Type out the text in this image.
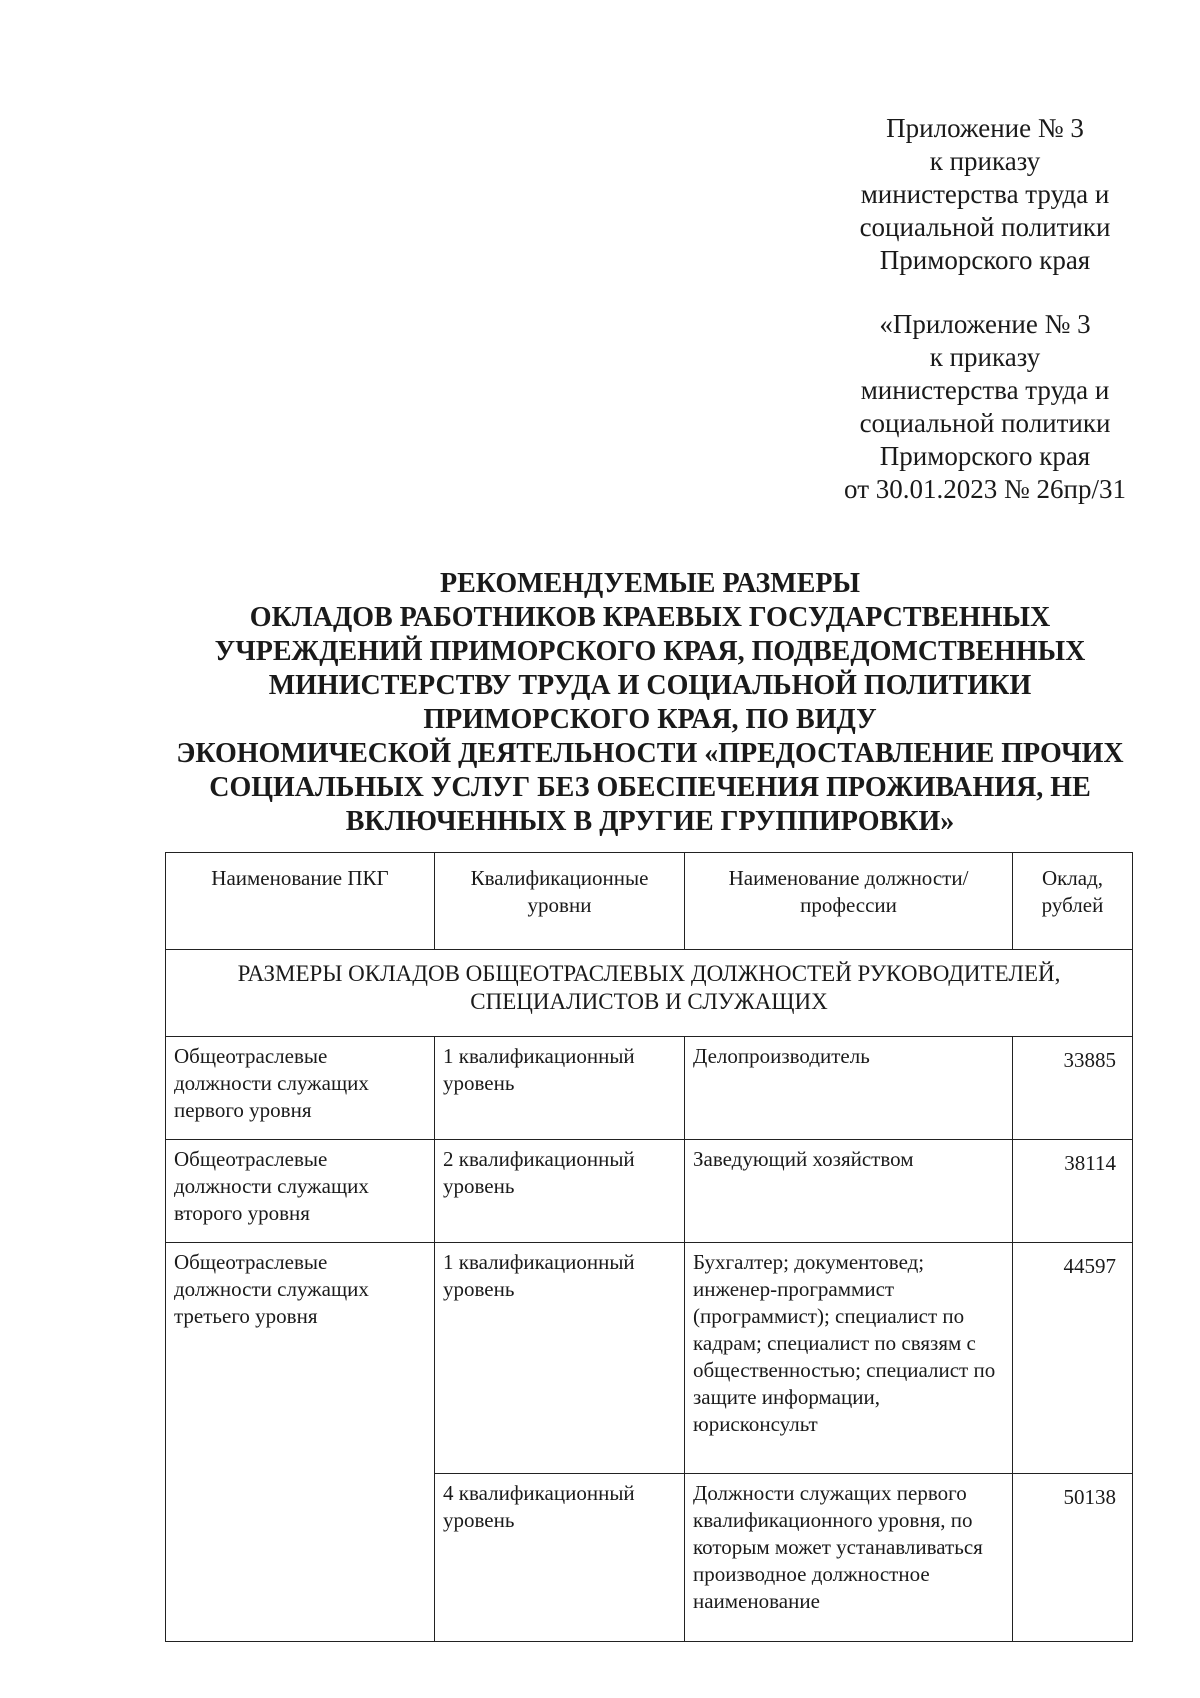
Приложение № 3
к приказу
министерства труда и
социальной политики
Приморского края
«Приложение № 3
к приказу
министерства труда и
социальной политики
Приморского края
от 30.01.2023 № 26пр/31
РЕКОМЕНДУЕМЫЕ РАЗМЕРЫ
ОКЛАДОВ РАБОТНИКОВ КРАЕВЫХ ГОСУДАРСТВЕННЫХ
УЧРЕЖДЕНИЙ ПРИМОРСКОГО КРАЯ, ПОДВЕДОМСТВЕННЫХ
МИНИСТЕРСТВУ ТРУДА И СОЦИАЛЬНОЙ ПОЛИТИКИ
ПРИМОРСКОГО КРАЯ, ПО ВИДУ
ЭКОНОМИЧЕСКОЙ ДЕЯТЕЛЬНОСТИ «ПРЕДОСТАВЛЕНИЕ ПРОЧИХ
СОЦИАЛЬНЫХ УСЛУГ БЕЗ ОБЕСПЕЧЕНИЯ ПРОЖИВАНИЯ, НЕ
ВКЛЮЧЕННЫХ В ДРУГИЕ ГРУППИРОВКИ»
Наименование ПКГ	Квалификационные уровни	Наименование должности/профессии	Оклад, рублей
РАЗМЕРЫ ОКЛАДОВ ОБЩЕОТРАСЛЕВЫХ ДОЛЖНОСТЕЙ РУКОВОДИТЕЛЕЙ, СПЕЦИАЛИСТОВ И СЛУЖАЩИХ			
Общеотраслевые должности служащих первого уровня	1 квалификационный уровень	Делопроизводитель	33885
Общеотраслевые должности служащих второго уровня	2 квалификационный уровень	Заведующий хозяйством	38114
Общеотраслевые должности служащих третьего уровня	1 квалификационный уровень	Бухгалтер; документовед; инженер-программист (программист); специалист по кадрам; специалист по связям с общественностью; специалист по защите информации, юрисконсульт	44597
	4 квалификационный уровень	Должности служащих первого квалификационного уровня, по которым может устанавливаться производное должностное наименование	50138
